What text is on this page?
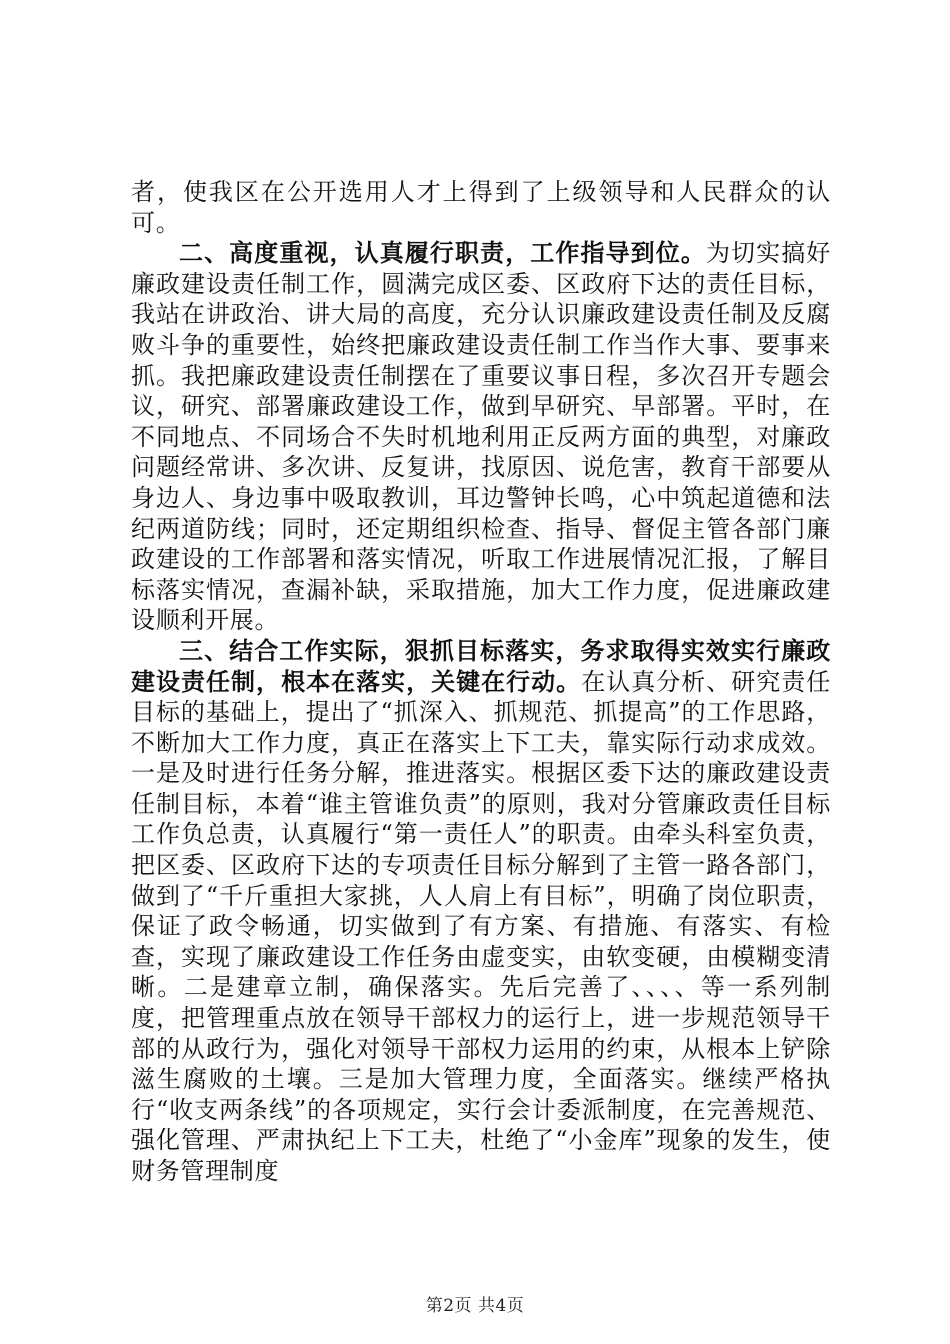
者，使我区在公开选用人才上得到了上级领导和人民群众的认可。

二、高度重视，认真履行职责，工作指导到位。为切实搞好廉政建设责任制工作，圆满完成区委、区政府下达的责任目标，我站在讲政治、讲大局的高度，充分认识廉政建设责任制及反腐败斗争的重要性，始终把廉政建设责任制工作当作大事、要事来抓。我把廉政建设责任制摆在了重要议事日程，多次召开专题会议，研究、部署廉政建设工作，做到早研究、早部署。平时，在不同地点、不同场合不失时机地利用正反两方面的典型，对廉政问题经常讲、多次讲、反复讲，找原因、说危害，教育干部要从身边人、身边事中吸取教训，耳边警钟长鸣，心中筑起道德和法纪两道防线；同时，还定期组织检查、指导、督促主管各部门廉政建设的工作部署和落实情况，听取工作进展情况汇报，了解目标落实情况，查漏补缺，采取措施，加大工作力度，促进廉政建设顺利开展。

三、结合工作实际，狠抓目标落实，务求取得实效实行廉政建设责任制，根本在落实，关键在行动。在认真分析、研究责任目标的基础上，提出了“抓深入、抓规范、抓提高”的工作思路，不断加大工作力度，真正在落实上下工夫，靠实际行动求成效。一是及时进行任务分解，推进落实。根据区委下达的廉政建设责任制目标，本着“谁主管谁负责”的原则，我对分管廉政责任目标工作负总责，认真履行“第一责任人”的职责。由牵头科室负责，把区委、区政府下达的专项责任目标分解到了主管一路各部门，做到了“千斤重担大家挑，人人肩上有目标”，明确了岗位职责，保证了政令畅通，切实做到了有方案、有措施、有落实、有检查，实现了廉政建设工作任务由虚变实，由软变硬，由模糊变清晰。二是建章立制，确保落实。先后完善了、、、、等一系列制度，把管理重点放在领导干部权力的运行上，进一步规范领导干部的从政行为，强化对领导干部权力运用的约束，从根本上铲除滋生腐败的土壤。三是加大管理力度，全面落实。继续严格执行“收支两条线”的各项规定，实行会计委派制度，在完善规范、强化管理、严肃执纪上下工夫，杜绝了“小金库”现象的发生，使财务管理制度

第2页 共4页
